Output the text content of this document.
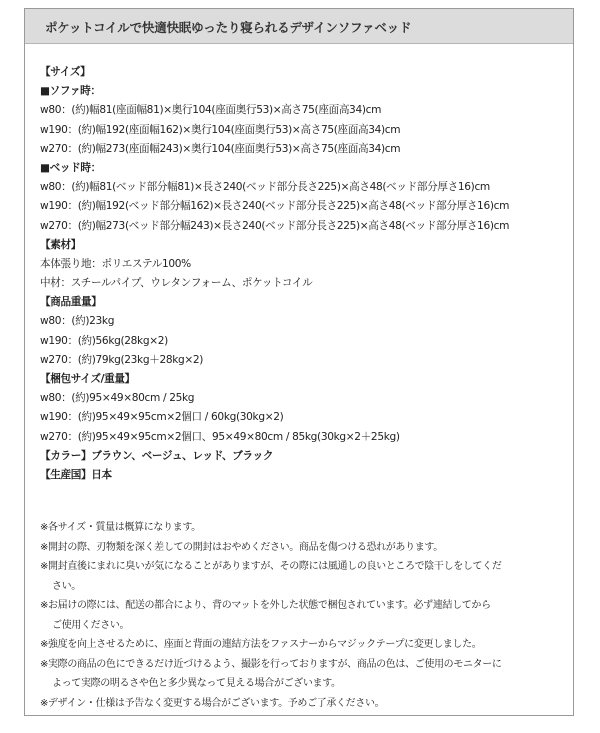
ポケットコイルで快適快眠ゆったり寝られるデザインソファベッド
【サイズ】
■ソファ時：
w80：(約)幅81(座面幅81)×奥行104(座面奥行53)×高さ75(座面高34)cm
w190：(約)幅192(座面幅162)×奥行104(座面奥行53)×高さ75(座面高34)cm
w270：(約)幅273(座面幅243)×奥行104(座面奥行53)×高さ75(座面高34)cm
■ベッド時：
w80：(約)幅81(ベッド部分幅81)×長さ240(ベッド部分長さ225)×高さ48(ベッド部分厚さ16)cm
w190：(約)幅192(ベッド部分幅162)×長さ240(ベッド部分長さ225)×高さ48(ベッド部分厚さ16)cm
w270：(約)幅273(ベッド部分幅243)×長さ240(ベッド部分長さ225)×高さ48(ベッド部分厚さ16)cm
【素材】
本体張り地：ポリエステル100%
中材：スチールパイプ、ウレタンフォーム、ポケットコイル
【商品重量】
w80：(約)23kg
w190：(約)56kg(28kg×2)
w270：(約)79kg(23kg＋28kg×2)
【梱包サイズ/重量】
w80：(約)95×49×80cm / 25kg
w190：(約)95×49×95cm×2個口 / 60kg(30kg×2)
w270：(約)95×49×95cm×2個口、95×49×80cm / 85kg(30kg×2＋25kg)
【カラー】ブラウン、ベージュ、レッド、ブラック
【生産国】日本
※各サイズ・質量は概算になります。
※開封の際、刃物類を深く差しての開封はおやめください。商品を傷つける恐れがあります。
※開封直後にまれに臭いが気になることがありますが、その際には風通しの良いところで陰干しをしてくだ
さい。
※お届けの際には、配送の都合により、背のマットを外した状態で梱包されています。必ず連結してから
ご使用ください。
※強度を向上させるために、座面と背面の連結方法をファスナーからマジックテープに変更しました。
※実際の商品の色にできるだけ近づけるよう、撮影を行っておりますが、商品の色は、ご使用のモニターに
よって実際の明るさや色と多少異なって見える場合がございます。
※デザイン・仕様は予告なく変更する場合がございます。予めご了承ください。
